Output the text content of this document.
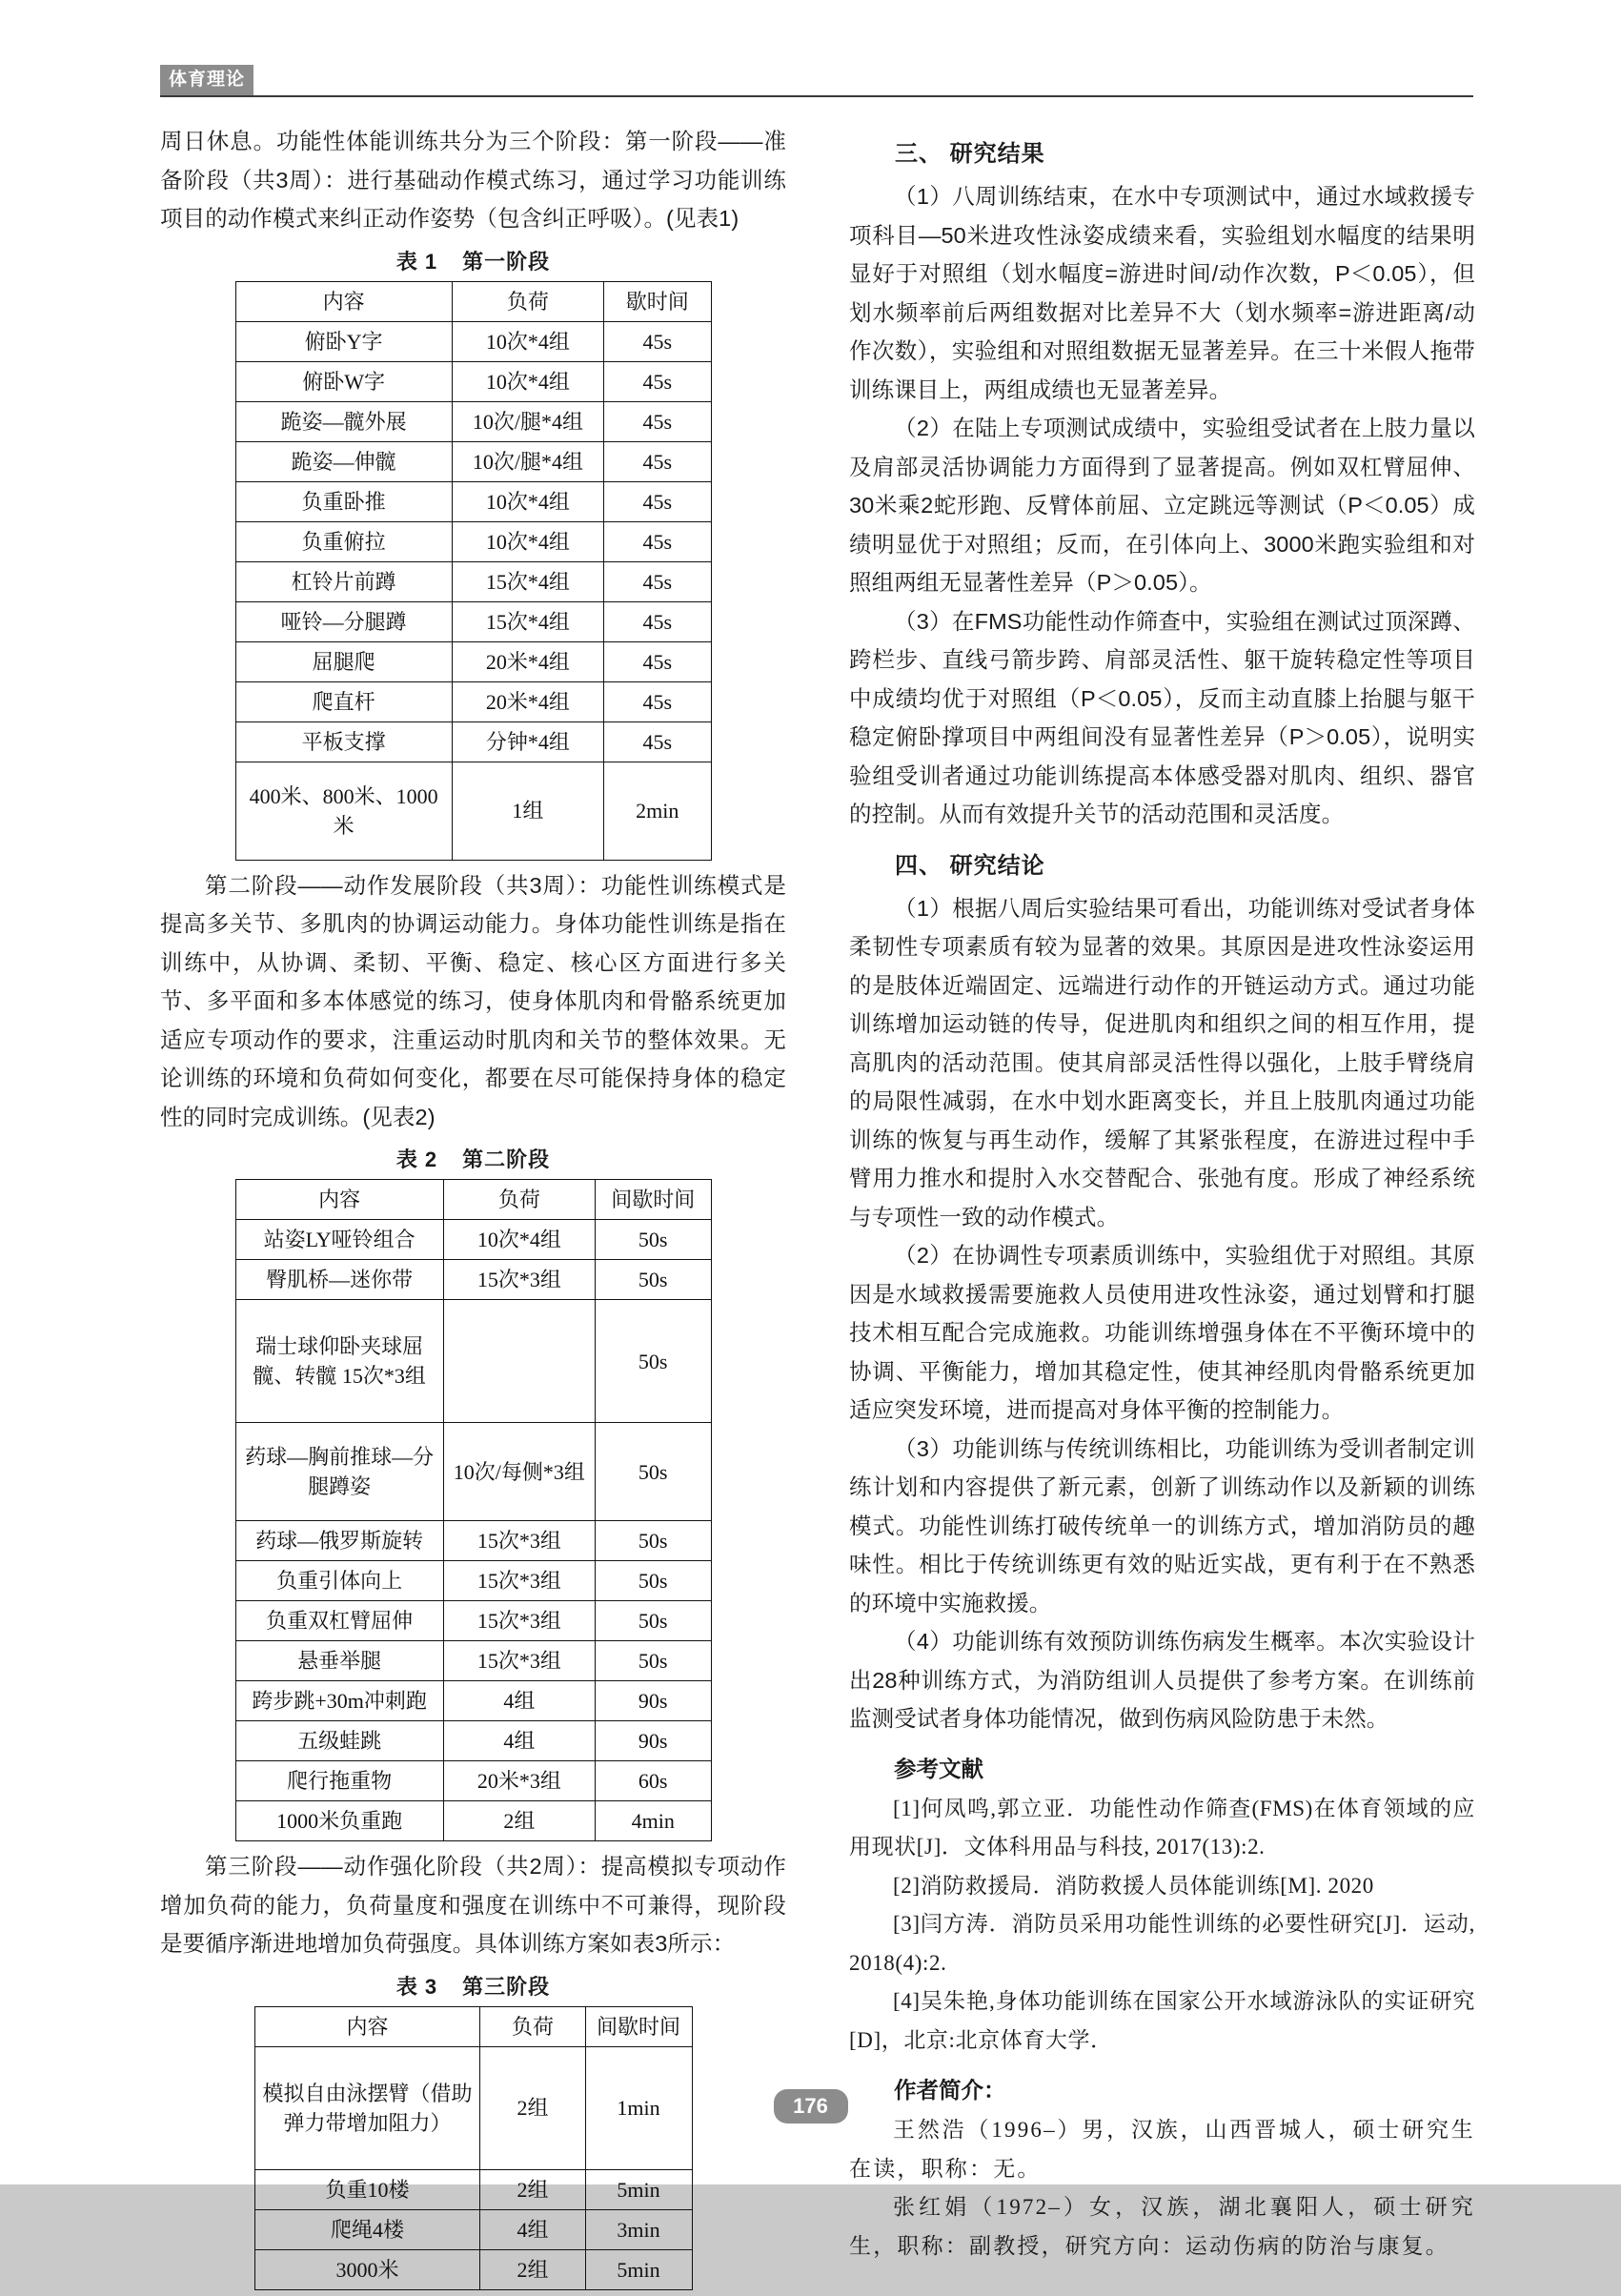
体育理论

周日休息。功能性体能训练共分为三个阶段：第一阶段——准备阶段（共3周）：进行基础动作模式练习，通过学习功能训练项目的动作模式来纠正动作姿势（包含纠正呼吸）。(见表1)

表 1 第一阶段
内容	负荷	歇时间
俯卧Y字	10次*4组	45s
俯卧W字	10次*4组	45s
跪姿—髋外展	10次/腿*4组	45s
跪姿—伸髋	10次/腿*4组	45s
负重卧推	10次*4组	45s
负重俯拉	10次*4组	45s
杠铃片前蹲	15次*4组	45s
哑铃—分腿蹲	15次*4组	45s
屈腿爬	20米*4组	45s
爬直杆	20米*4组	45s
平板支撑	分钟*4组	45s
400米、800米、1000米	1组	2min

第二阶段——动作发展阶段（共3周）：功能性训练模式是提高多关节、多肌肉的协调运动能力。身体功能性训练是指在训练中，从协调、柔韧、平衡、稳定、核心区方面进行多关节、多平面和多本体感觉的练习，使身体肌肉和骨骼系统更加适应专项动作的要求，注重运动时肌肉和关节的整体效果。无论训练的环境和负荷如何变化，都要在尽可能保持身体的稳定性的同时完成训练。(见表2)

表 2 第二阶段
内容	负荷	间歇时间
站姿LY哑铃组合	10次*4组	50s
臀肌桥—迷你带	15次*3组	50s
瑞士球仰卧夹球屈髋、转髋 15次*3组		50s
药球—胸前推球—分腿蹲姿	10次/每侧*3组	50s
药球—俄罗斯旋转	15次*3组	50s
负重引体向上	15次*3组	50s
负重双杠臂屈伸	15次*3组	50s
悬垂举腿	15次*3组	50s
跨步跳+30m冲刺跑	4组	90s
五级蛙跳	4组	90s
爬行拖重物	20米*3组	60s
1000米负重跑	2组	4min

第三阶段——动作强化阶段（共2周）：提高模拟专项动作增加负荷的能力，负荷量度和强度在训练中不可兼得，现阶段是要循序渐进地增加负荷强度。具体训练方案如表3所示：

表 3 第三阶段
内容	负荷	间歇时间
模拟自由泳摆臂（借助弹力带增加阻力）	2组	1min
负重10楼	2组	5min
爬绳4楼	4组	3min
3000米	2组	5min
三、 研究结果

（1）八周训练结束，在水中专项测试中，通过水域救援专项科目—50米进攻性泳姿成绩来看，实验组划水幅度的结果明显好于对照组（划水幅度=游进时间/动作次数，P＜0.05），但划水频率前后两组数据对比差异不大（划水频率=游进距离/动作次数），实验组和对照组数据无显著差异。在三十米假人拖带训练课目上，两组成绩也无显著差异。

（2）在陆上专项测试成绩中，实验组受试者在上肢力量以及肩部灵活协调能力方面得到了显著提高。例如双杠臂屈伸、30米乘2蛇形跑、反臂体前屈、立定跳远等测试（P＜0.05）成绩明显优于对照组；反而，在引体向上、3000米跑实验组和对照组两组无显著性差异（P＞0.05）。

（3）在FMS功能性动作筛查中，实验组在测试过顶深蹲、跨栏步、直线弓箭步跨、肩部灵活性、躯干旋转稳定性等项目中成绩均优于对照组（P＜0.05），反而主动直膝上抬腿与躯干稳定俯卧撑项目中两组间没有显著性差异（P＞0.05），说明实验组受训者通过功能训练提高本体感受器对肌肉、组织、器官的控制。从而有效提升关节的活动范围和灵活度。

四、 研究结论

（1）根据八周后实验结果可看出，功能训练对受试者身体柔韧性专项素质有较为显著的效果。其原因是进攻性泳姿运用的是肢体近端固定、远端进行动作的开链运动方式。通过功能训练增加运动链的传导，促进肌肉和组织之间的相互作用，提高肌肉的活动范围。使其肩部灵活性得以强化，上肢手臂绕肩的局限性减弱，在水中划水距离变长，并且上肢肌肉通过功能训练的恢复与再生动作，缓解了其紧张程度，在游进过程中手臂用力推水和提肘入水交替配合、张弛有度。形成了神经系统与专项性一致的动作模式。

（2）在协调性专项素质训练中，实验组优于对照组。其原因是水域救援需要施救人员使用进攻性泳姿，通过划臂和打腿技术相互配合完成施救。功能训练增强身体在不平衡环境中的协调、平衡能力，增加其稳定性，使其神经肌肉骨骼系统更加适应突发环境，进而提高对身体平衡的控制能力。

（3）功能训练与传统训练相比，功能训练为受训者制定训练计划和内容提供了新元素，创新了训练动作以及新颖的训练模式。功能性训练打破传统单一的训练方式，增加消防员的趣味性。相比于传统训练更有效的贴近实战，更有利于在不熟悉的环境中实施救援。

（4）功能训练有效预防训练伤病发生概率。本次实验设计出28种训练方式，为消防组训人员提供了参考方案。在训练前监测受试者身体功能情况，做到伤病风险防患于未然。

参考文献

[1]何凤鸣,郭立亚．功能性动作筛查(FMS)在体育领域的应用现状[J]．文体科用品与科技, 2017(13):2.

[2]消防救援局．消防救援人员体能训练[M]. 2020

[3]闫方涛．消防员采用功能性训练的必要性研究[J]．运动, 2018(4):2.

[4]吴朱艳,身体功能训练在国家公开水域游泳队的实证研究[D]，北京:北京体育大学．

作者简介：

王然浩（1996–）男，汉族，山西晋城人，硕士研究生在读，职称：无。

张红娟（1972–）女，汉族，湖北襄阳人，硕士研究生，职称：副教授，研究方向：运动伤病的防治与康复。

176
